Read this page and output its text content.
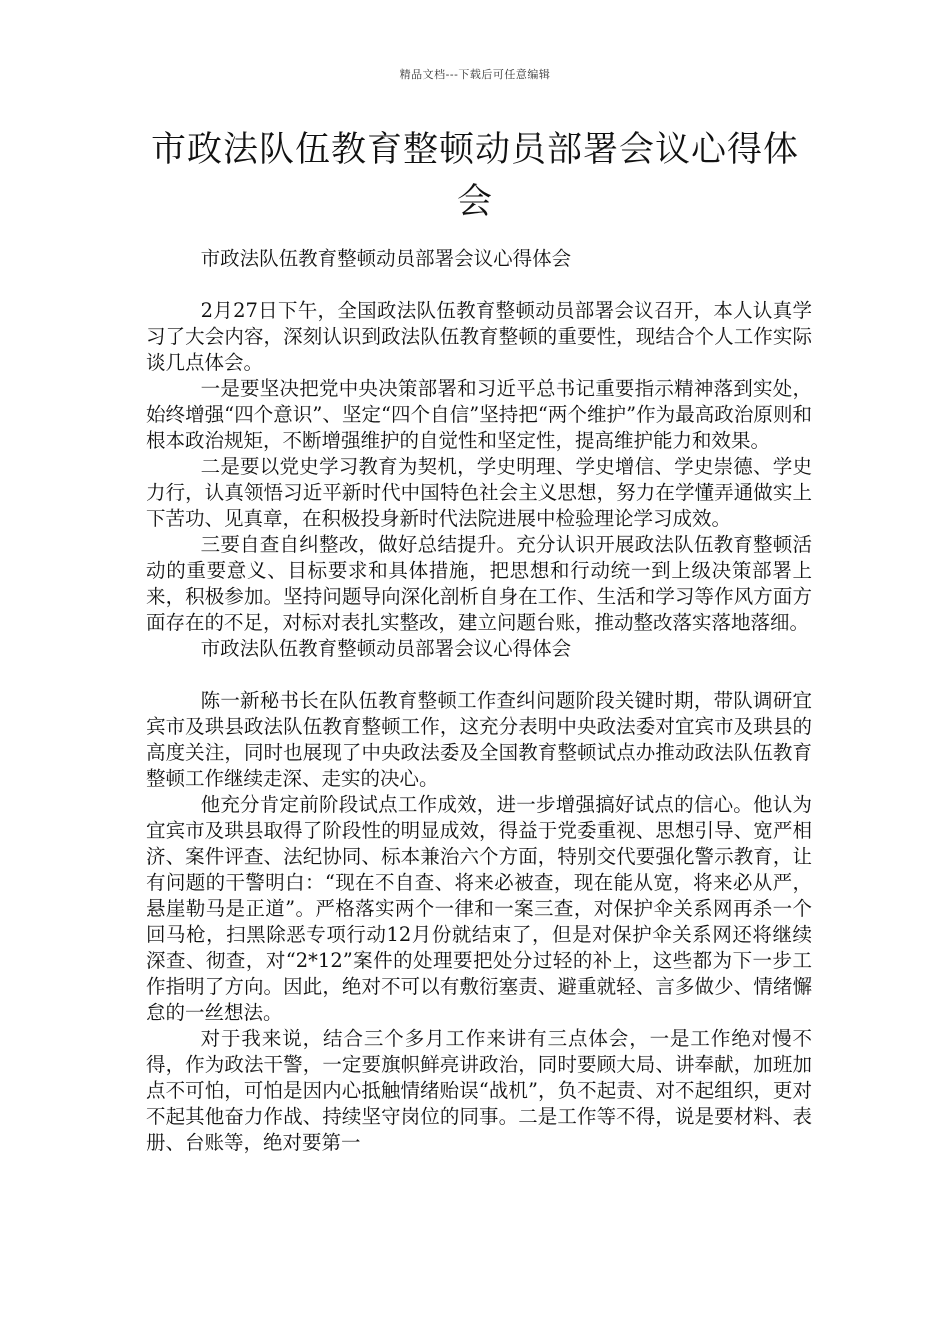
精品文档---下载后可任意编辑
市政法队伍教育整顿动员部署会议心得体会

市政法队伍教育整顿动员部署会议心得体会

2月27日下午，全国政法队伍教育整顿动员部署会议召开，本人认真学习了大会内容，深刻认识到政法队伍教育整顿的重要性，现结合个人工作实际谈几点体会。

一是要坚决把党中央决策部署和习近平总书记重要指示精神落到实处，始终增强“四个意识”、坚定“四个自信”坚持把“两个维护”作为最高政治原则和根本政治规矩，不断增强维护的自觉性和坚定性，提高维护能力和效果。

二是要以党史学习教育为契机，学史明理、学史增信、学史崇德、学史力行，认真领悟习近平新时代中国特色社会主义思想，努力在学懂弄通做实上下苦功、见真章，在积极投身新时代法院进展中检验理论学习成效。

三要自查自纠整改，做好总结提升。充分认识开展政法队伍教育整顿活动的重要意义、目标要求和具体措施，把思想和行动统一到上级决策部署上来，积极参加。坚持问题导向深化剖析自身在工作、生活和学习等作风方面方面存在的不足，对标对表扎实整改，建立问题台账，推动整改落实落地落细。

市政法队伍教育整顿动员部署会议心得体会

陈一新秘书长在队伍教育整顿工作查纠问题阶段关键时期，带队调研宜宾市及珙县政法队伍教育整顿工作，这充分表明中央政法委对宜宾市及珙县的高度关注，同时也展现了中央政法委及全国教育整顿试点办推动政法队伍教育整顿工作继续走深、走实的决心。

他充分肯定前阶段试点工作成效，进一步增强搞好试点的信心。他认为宜宾市及珙县取得了阶段性的明显成效，得益于党委重视、思想引导、宽严相济、案件评查、法纪协同、标本兼治六个方面，特别交代要强化警示教育，让有问题的干警明白：“现在不自查、将来必被查，现在能从宽，将来必从严，悬崖勒马是正道”。严格落实两个一律和一案三查，对保护伞关系网再杀一个回马枪，扫黑除恶专项行动12月份就结束了，但是对保护伞关系网还将继续深查、彻查，对“2*12”案件的处理要把处分过轻的补上，这些都为下一步工作指明了方向。因此，绝对不可以有敷衍塞责、避重就轻、言多做少、情绪懈怠的一丝想法。

对于我来说，结合三个多月工作来讲有三点体会，一是工作绝对慢不得，作为政法干警，一定要旗帜鲜亮讲政治，同时要顾大局、讲奉献，加班加点不可怕，可怕是因内心抵触情绪贻误“战机”，负不起责、对不起组织，更对不起其他奋力作战、持续坚守岗位的同事。二是工作等不得，说是要材料、表册、台账等，绝对要第一
